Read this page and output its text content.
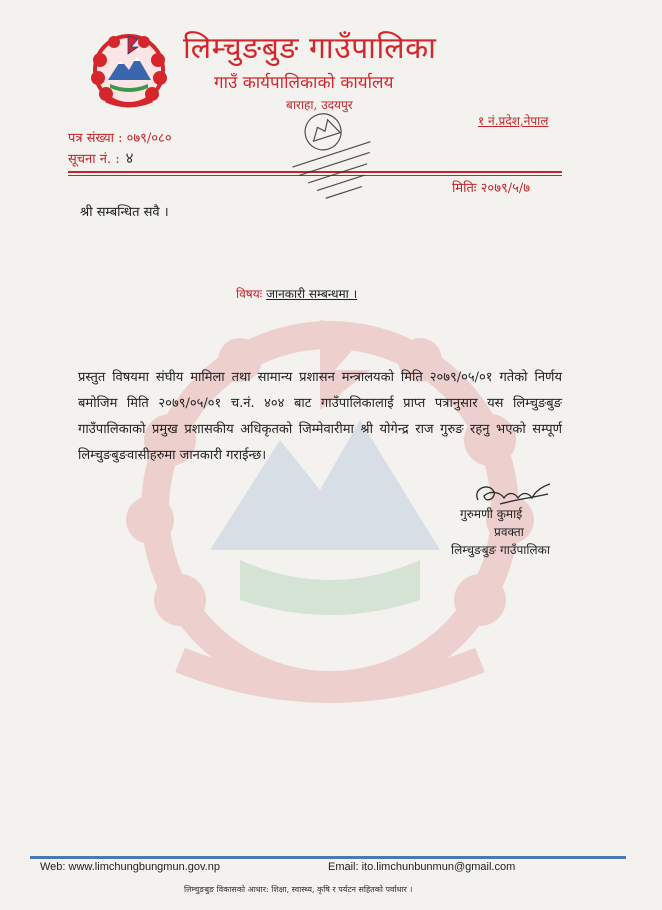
लिम्चुङबुङ गाउँपालिका
गाउँ कार्यपालिकाको कार्यालय
बाराहा, उदयपुर
१ नं.प्रदेश,नेपाल
पत्र संख्या : ०७९/०८०
सूचना नं. : ४
मितिः २०७९/५/७
श्री सम्बन्धित सवै ।
विषयः जानकारी सम्बन्धमा ।
प्रस्तुत विषयमा संघीय मामिला तथा सामान्य प्रशासन मन्त्रालयको मिति २०७९/०५/०१ गतेको निर्णय बमोजिम मिति २०७९/०५/०१ च.नं. ४०४ बाट गाउँपालिकालाई प्राप्त पत्रानुसार यस लिम्चुङबुङ गाउँपालिकाको प्रमुख प्रशासकीय अधिकृतको जिम्मेवारीमा श्री योगेन्द्र राज गुरुङ रहनु भएको सम्पूर्ण लिम्चुङबुङवासीहरुमा जानकारी गराईन्छ।
गुरुमणी कुमाई
प्रवक्ता
लिम्चुङबुङ गाउँपालिका
Web: www.limchungbungmun.gov.np	Email: ito.limchunbunmun@gmail.com
लिम्चुङबुङ विकासको आधार: शिक्षा, स्वास्थ्य, कृषि र पर्यटन सहितको पर्वाधार ।
